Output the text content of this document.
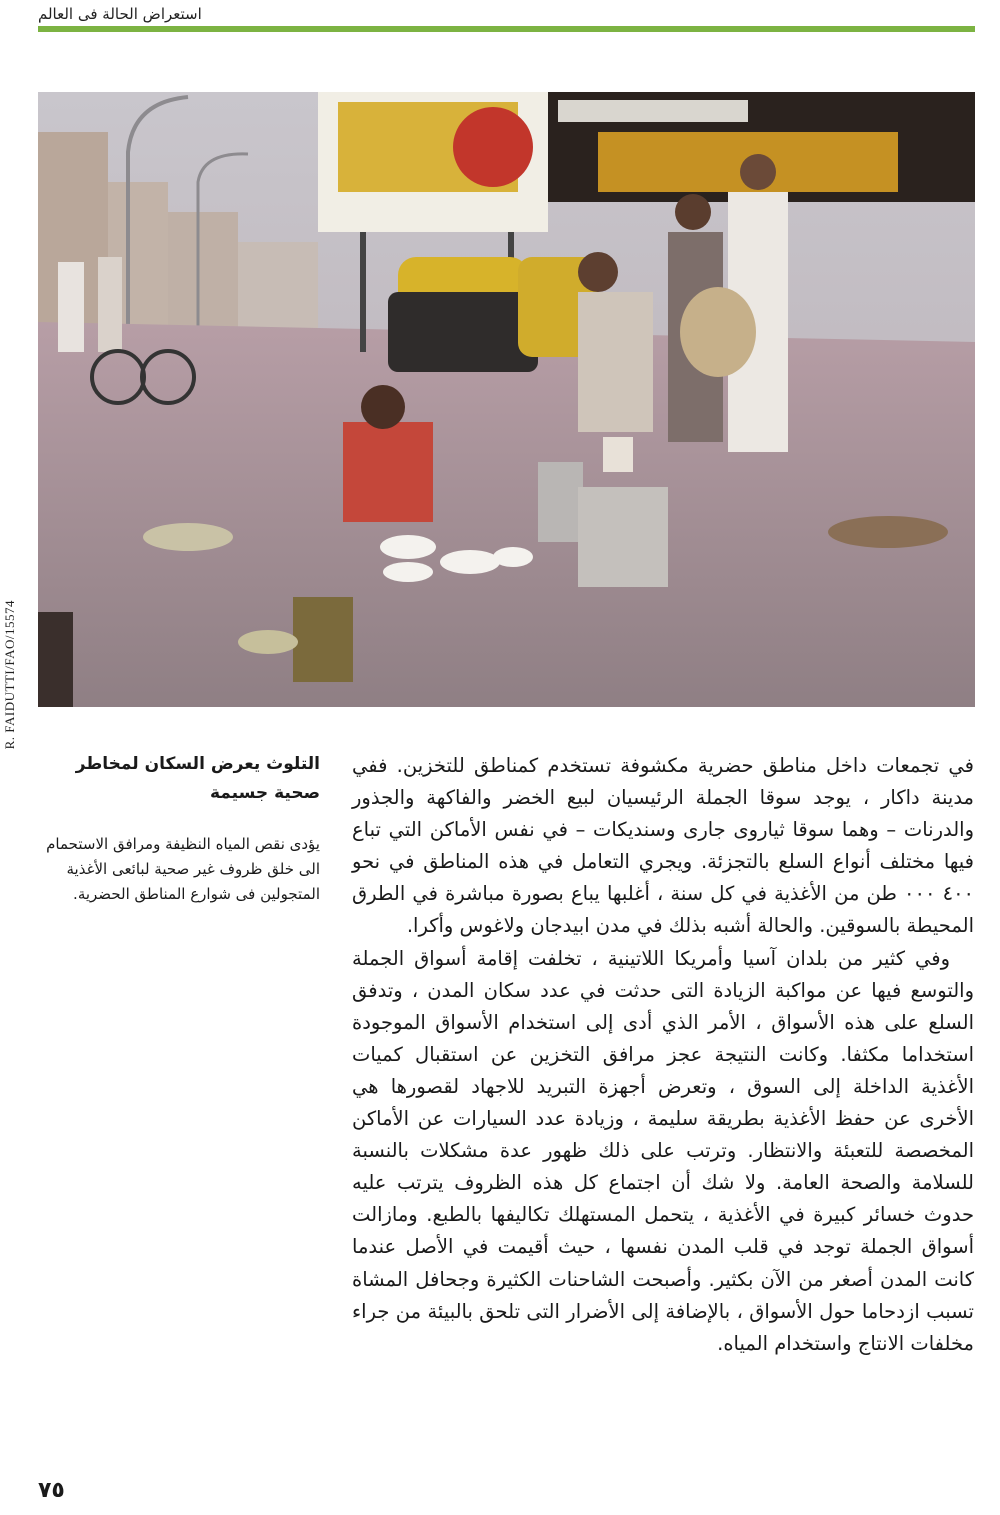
استعراض الحالة فى العالم
R. FAIDUTTI/FAO/15574

التلوث يعرض السكان لمخاطر صحية جسيمة

يؤدى نقص المياه النظيفة ومرافق الاستحمام الى خلق ظروف غير صحية لبائعى الأغذية المتجولين فى شوارع المناطق الحضرية.

في تجمعات داخل مناطق حضرية مكشوفة تستخدم كمناطق للتخزين. ففي مدينة داكار ، يوجد سوقا الجملة الرئيسيان لبيع الخضر والفاكهة والجذور والدرنات – وهما سوقا ثياروى جارى وسنديكات – في نفس الأماكن التي تباع فيها مختلف أنواع السلع بالتجزئة. ويجري التعامل في هذه المناطق في نحو ٤٠٠ ٠٠٠ طن من الأغذية في كل سنة ، أغلبها يباع بصورة مباشرة في الطرق المحيطة بالسوقين. والحالة أشبه بذلك في مدن ابيدجان ولاغوس وأكرا.

وفي كثير من بلدان آسيا وأمريكا اللاتينية ، تخلفت إقامة أسواق الجملة والتوسع فيها عن مواكبة الزيادة التى حدثت في عدد سكان المدن ، وتدفق السلع على هذه الأسواق ، الأمر الذي أدى إلى استخدام الأسواق الموجودة استخداما مكثفا. وكانت النتيجة عجز مرافق التخزين عن استقبال كميات الأغذية الداخلة إلى السوق ، وتعرض أجهزة التبريد للاجهاد لقصورها هي الأخرى عن حفظ الأغذية بطريقة سليمة ، وزيادة عدد السيارات عن الأماكن المخصصة للتعبئة والانتظار. وترتب على ذلك ظهور عدة مشكلات بالنسبة للسلامة والصحة العامة. ولا شك أن اجتماع كل هذه الظروف يترتب عليه حدوث خسائر كبيرة في الأغذية ، يتحمل المستهلك تكاليفها بالطبع. ومازالت أسواق الجملة توجد في قلب المدن نفسها ، حيث أقيمت في الأصل عندما كانت المدن أصغر من الآن بكثير. وأصبحت الشاحنات الكثيرة وجحافل المشاة تسبب ازدحاما حول الأسواق ، بالإضافة إلى الأضرار التى تلحق بالبيئة من جراء مخلفات الانتاج واستخدام المياه.

٧٥
